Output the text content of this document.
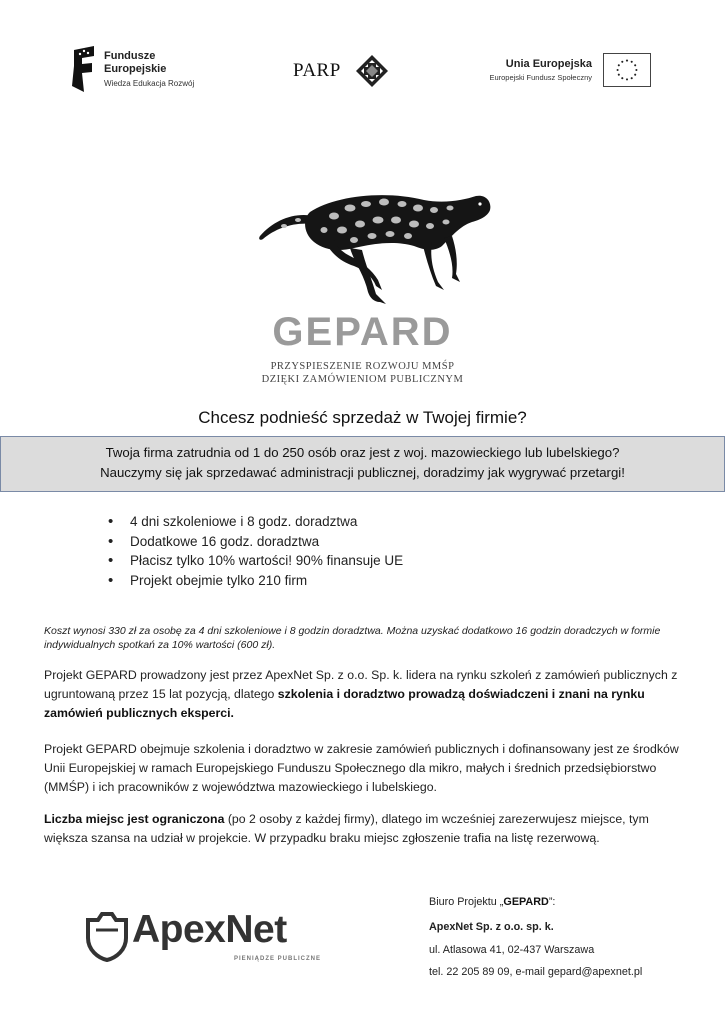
Fundusze
Europejskie
Wiedza Edukacja Rozwój
PARP	Unia Europejska
Europejski Fundusz Społeczny
GEPARD
PRZYSPIESZENIE ROZWOJU MMŚP
DZIĘKI ZAMÓWIENIOM PUBLICZNYM
Chcesz podnieść sprzedaż w Twojej firmie?
Twoja firma zatrudnia od 1 do 250 osób oraz jest z woj. mazowieckiego lub lubelskiego?
Nauczymy się jak sprzedawać administracji publicznej, doradzimy jak wygrywać przetargi!
• 4 dni szkoleniowe i 8 godz. doradztwa
• Dodatkowe 16 godz. doradztwa
• Płacisz tylko 10% wartości! 90% finansuje UE
• Projekt obejmie tylko 210 firm
Koszt wynosi 330 zł za osobę za 4 dni szkoleniowe i 8 godzin doradztwa. Można uzyskać dodatkowo 16 godzin doradczych w formie indywidualnych spotkań za 10% wartości (600 zł).
Projekt GEPARD prowadzony jest przez ApexNet Sp. z o.o. Sp. k. lidera na rynku szkoleń z zamówień publicznych z ugruntowaną przez 15 lat pozycją, dlatego szkolenia i doradztwo prowadzą doświadczeni i znani na rynku zamówień publicznych eksperci.
Projekt GEPARD obejmuje szkolenia i doradztwo w zakresie zamówień publicznych i dofinansowany jest ze środków Unii Europejskiej w ramach Europejskiego Funduszu Społecznego dla mikro, małych i średnich przedsiębiorstwo (MMŚP) i ich pracowników z województwa mazowieckiego i lubelskiego.
Liczba miejsc jest ograniczona (po 2 osoby z każdej firmy), dlatego im wcześniej zarezerwujesz miejsce, tym większa szansa na udział w projekcie. W przypadku braku miejsc zgłoszenie trafia na listę rezerwową.
ApexNet
PIENIĄDZE PUBLICZNE
Biuro Projektu „GEPARD”:
ApexNet Sp. z o.o. sp. k.
ul. Atlasowa 41, 02-437 Warszawa
tel. 22 205 89 09, e-mail gepard@apexnet.pl
